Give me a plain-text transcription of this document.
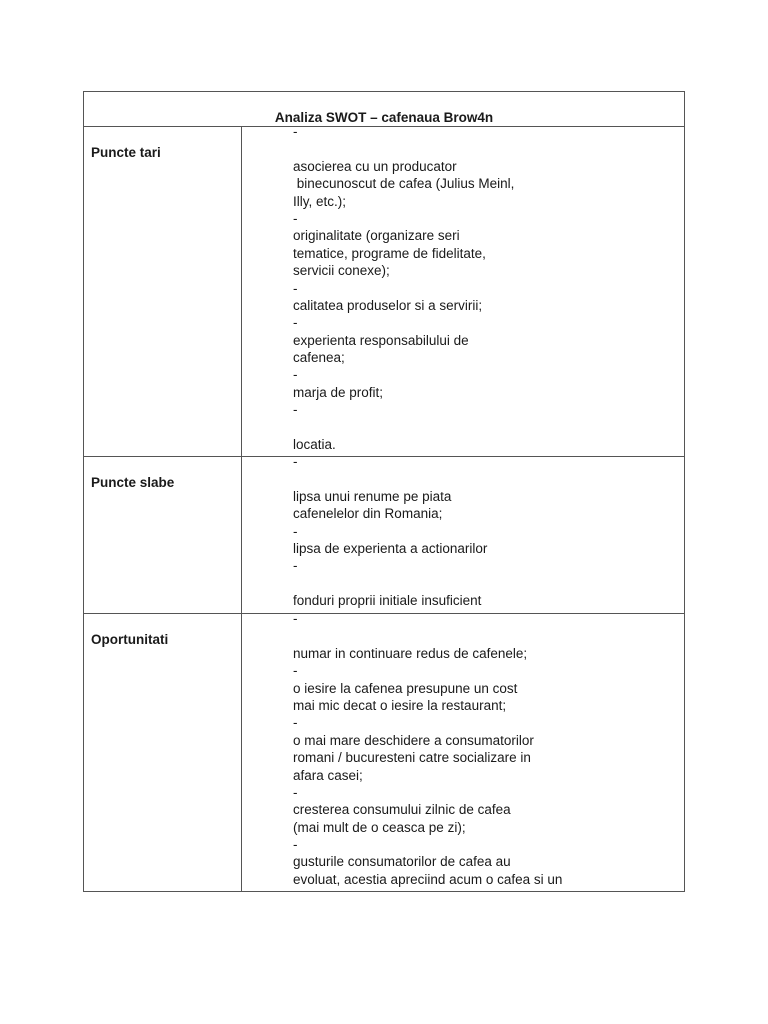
Analiza SWOT – cafenaua Brow4n
Puncte tari
-
asocierea cu un producator
binecunoscut de cafea (Julius Meinl,
Illy, etc.);
-
originalitate (organizare seri
tematice, programe de fidelitate,
servicii conexe);
-
calitatea produselor si a servirii;
-
experienta responsabilului de
cafenea;
-
marja de profit;
-
locatia.
Puncte slabe
-
lipsa unui renume pe piata
cafenelelor din Romania;
-
lipsa de experienta a actionarilor
-
fonduri proprii initiale insuficient
Oportunitati
-
numar in continuare redus de cafenele;
-
o iesire la cafenea presupune un cost
mai mic decat o iesire la restaurant;
-
o mai mare deschidere a consumatorilor
romani / bucuresteni catre socializare in
afara casei;
-
cresterea consumului zilnic de cafea
(mai mult de o ceasca pe zi);
-
gusturile consumatorilor de cafea au
evoluat, acestia apreciind acum o cafea si un
